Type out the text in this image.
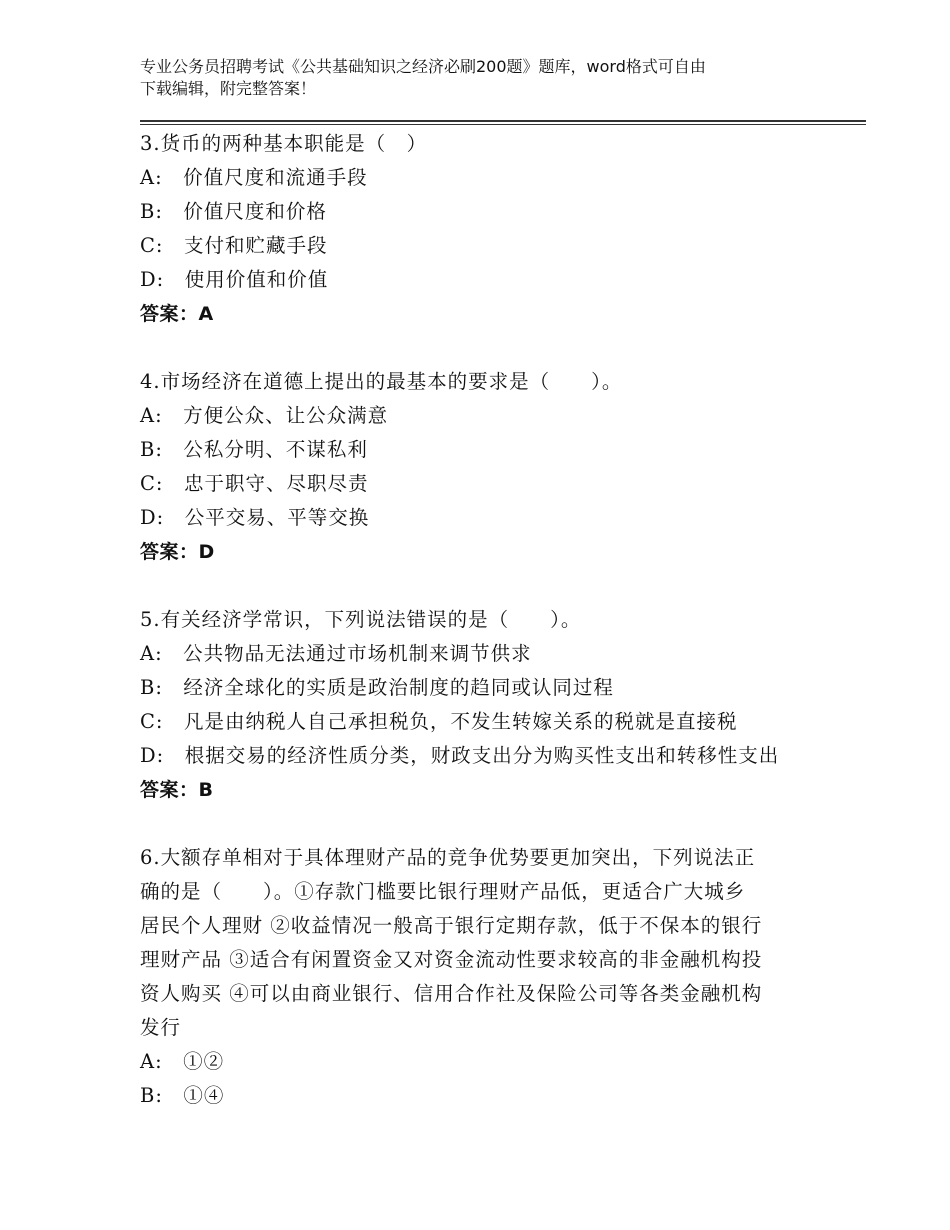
专业公务员招聘考试《公共基础知识之经济必刷200题》题库，word格式可自由
下载编辑，附完整答案！
3.货币的两种基本职能是（　）
A:　价值尺度和流通手段
B:　价值尺度和价格
C:　支付和贮藏手段
D:　使用价值和价值
答案：A
4.市场经济在道德上提出的最基本的要求是（　　）。
A:　方便公众、让公众满意
B:　公私分明、不谋私利
C:　忠于职守、尽职尽责
D:　公平交易、平等交换
答案：D
5.有关经济学常识，下列说法错误的是（　　）。
A:　公共物品无法通过市场机制来调节供求
B:　经济全球化的实质是政治制度的趋同或认同过程
C:　凡是由纳税人自己承担税负，不发生转嫁关系的税就是直接税
D:　根据交易的经济性质分类，财政支出分为购买性支出和转移性支出
答案：B
6.大额存单相对于具体理财产品的竞争优势要更加突出，下列说法正
确的是（　　）。①存款门槛要比银行理财产品低，更适合广大城乡
居民个人理财 ②收益情况一般高于银行定期存款，低于不保本的银行
理财产品 ③适合有闲置资金又对资金流动性要求较高的非金融机构投
资人购买 ④可以由商业银行、信用合作社及保险公司等各类金融机构
发行
A:　①②
B:　①④
